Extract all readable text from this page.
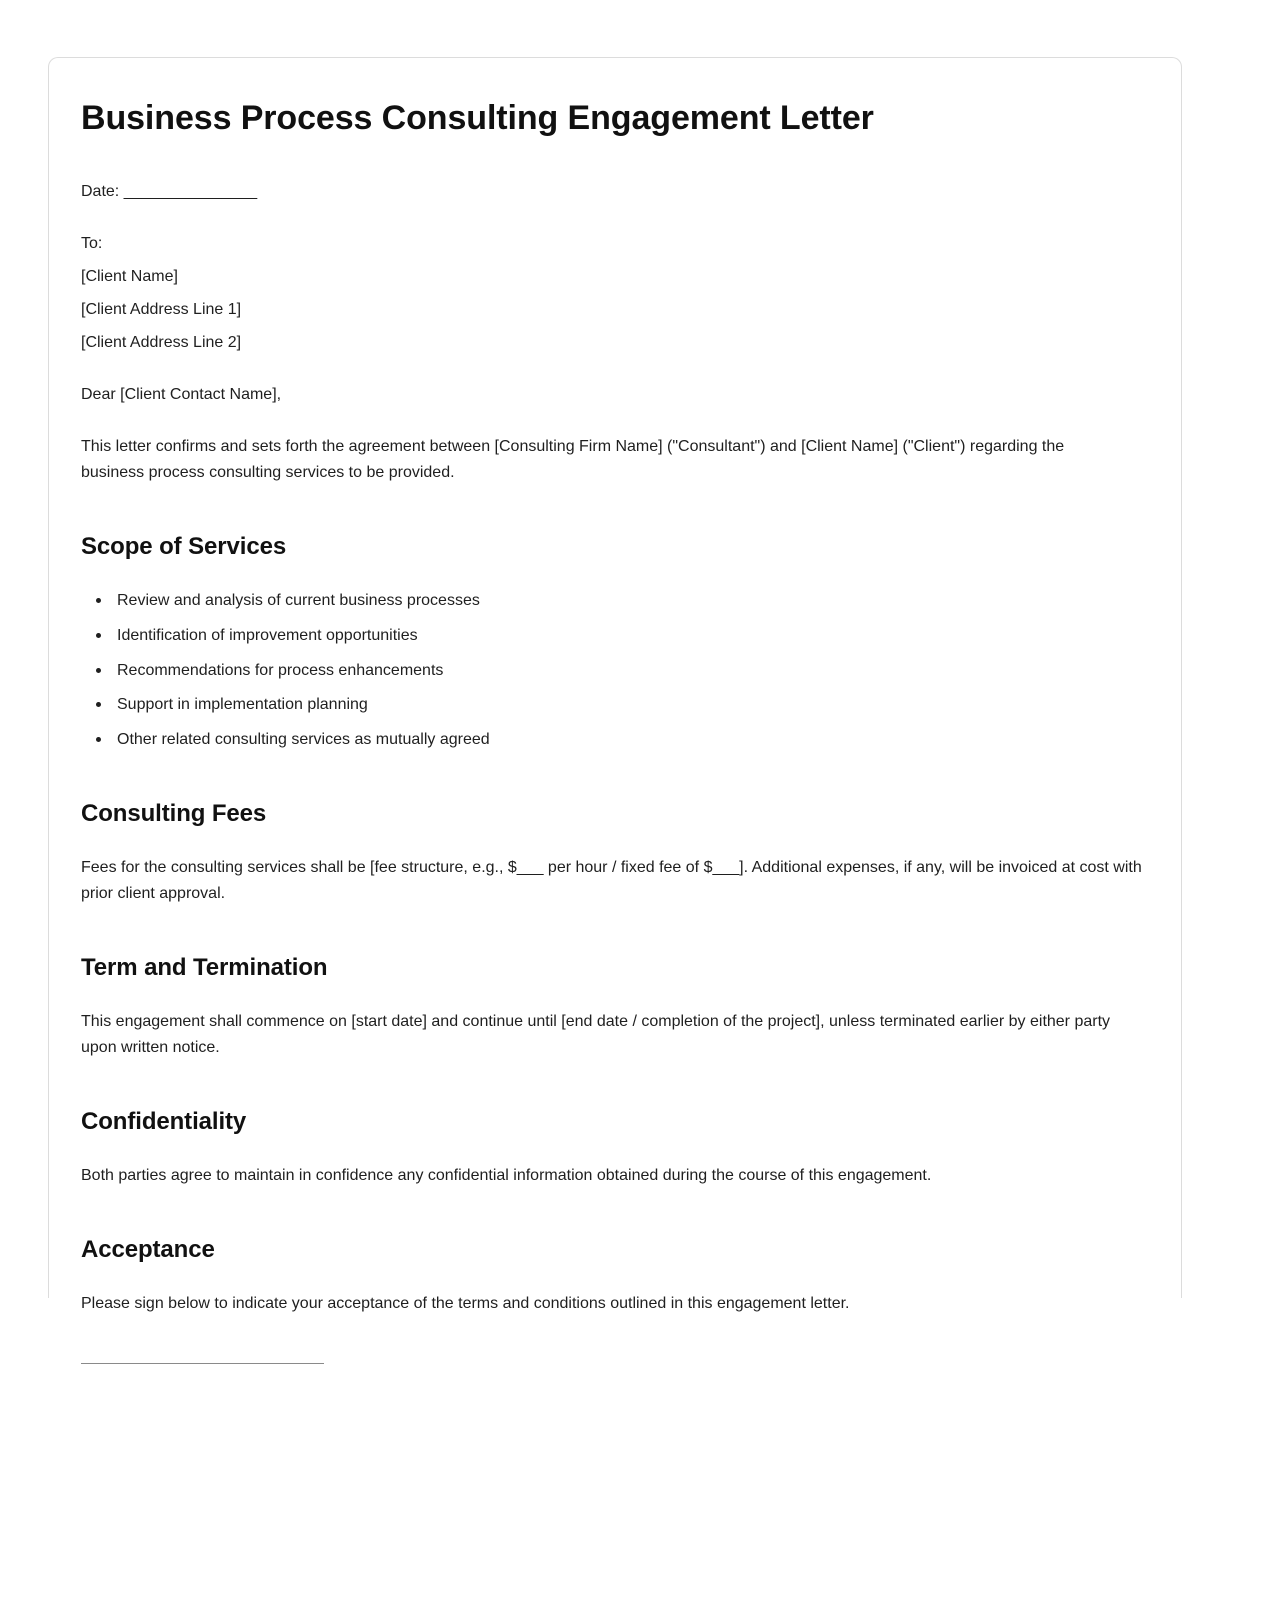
Business Process Consulting Engagement Letter

Date: _______________

To:
[Client Name]
[Client Address Line 1]
[Client Address Line 2]

Dear [Client Contact Name],

This letter confirms and sets forth the agreement between [Consulting Firm Name] ("Consultant") and [Client Name] ("Client") regarding the business process consulting services to be provided.

Scope of Services
Review and analysis of current business processes
Identification of improvement opportunities
Recommendations for process enhancements
Support in implementation planning
Other related consulting services as mutually agreed
Consulting Fees

Fees for the consulting services shall be [fee structure, e.g., $___ per hour / fixed fee of $___]. Additional expenses, if any, will be invoiced at cost with prior client approval.

Term and Termination

This engagement shall commence on [start date] and continue until [end date / completion of the project], unless terminated earlier by either party upon written notice.

Confidentiality

Both parties agree to maintain in confidence any confidential information obtained during the course of this engagement.

Acceptance

Please sign below to indicate your acceptance of the terms and conditions outlined in this engagement letter.
